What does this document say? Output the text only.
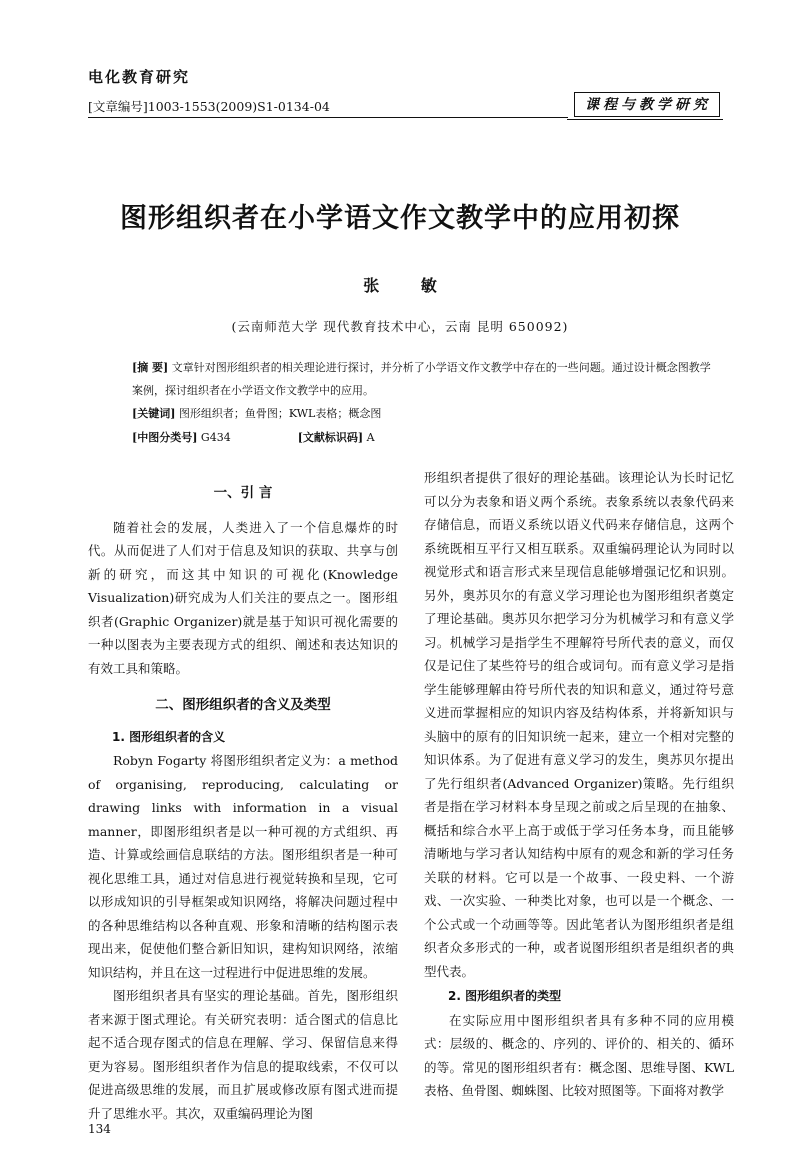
电化教育研究
[文章编号]1003-1553(2009)S1-0134-04	课程与教学研究
图形组织者在小学语文作文教学中的应用初探
张 敏
(云南师范大学 现代教育技术中心，云南 昆明 650092)
[摘 要] 文章针对图形组织者的相关理论进行探讨，并分析了小学语文作文教学中存在的一些问题。通过设计概念图教学案例，探讨组织者在小学语文作文教学中的应用。
[关键词] 图形组织者；鱼骨图；KWL表格；概念图
[中图分类号] G434	[文献标识码] A
一、引 言

随着社会的发展，人类进入了一个信息爆炸的时代。从而促进了人们对于信息及知识的获取、共享与创新的研究，而这其中知识的可视化(Knowledge Visualization)研究成为人们关注的要点之一。图形组织者(Graphic Organizer)就是基于知识可视化需要的一种以图表为主要表现方式的组织、阐述和表达知识的有效工具和策略。

二、图形组织者的含义及类型

1. 图形组织者的含义

Robyn Fogarty 将图形组织者定义为：a method of organising, reproducing, calculating or drawing links with information in a visual manner，即图形组织者是以一种可视的方式组织、再造、计算或绘画信息联结的方法。图形组织者是一种可视化思维工具，通过对信息进行视觉转换和呈现，它可以形成知识的引导框架或知识网络，将解决问题过程中的各种思维结构以各种直观、形象和清晰的结构图示表现出来，促使他们整合新旧知识，建构知识网络，浓缩知识结构，并且在这一过程进行中促进思维的发展。

图形组织者具有坚实的理论基础。首先，图形组织者来源于图式理论。有关研究表明：适合图式的信息比起不适合现存图式的信息在理解、学习、保留信息来得更为容易。图形组织者作为信息的提取线索，不仅可以促进高级思维的发展，而且扩展或修改原有图式进而提升了思维水平。其次，双重编码理论为图

形组织者提供了很好的理论基础。该理论认为长时记忆可以分为表象和语义两个系统。表象系统以表象代码来存储信息，而语义系统以语义代码来存储信息，这两个系统既相互平行又相互联系。双重编码理论认为同时以视觉形式和语言形式来呈现信息能够增强记忆和识别。另外，奥苏贝尔的有意义学习理论也为图形组织者奠定了理论基础。奥苏贝尔把学习分为机械学习和有意义学习。机械学习是指学生不理解符号所代表的意义，而仅仅是记住了某些符号的组合或词句。而有意义学习是指学生能够理解由符号所代表的知识和意义，通过符号意义进而掌握相应的知识内容及结构体系，并将新知识与头脑中的原有的旧知识统一起来，建立一个相对完整的知识体系。为了促进有意义学习的发生，奥苏贝尔提出了先行组织者(Advanced Organizer)策略。先行组织者是指在学习材料本身呈现之前或之后呈现的在抽象、概括和综合水平上高于或低于学习任务本身，而且能够清晰地与学习者认知结构中原有的观念和新的学习任务关联的材料。它可以是一个故事、一段史料、一个游戏、一次实验、一种类比对象，也可以是一个概念、一个公式或一个动画等等。因此笔者认为图形组织者是组织者众多形式的一种，或者说图形组织者是组织者的典型代表。

2. 图形组织者的类型

在实际应用中图形组织者具有多种不同的应用模式：层级的、概念的、序列的、评价的、相关的、循环的等。常见的图形组织者有：概念图、思维导图、KWL表格、鱼骨图、蜘蛛图、比较对照图等。下面将对教学

134
